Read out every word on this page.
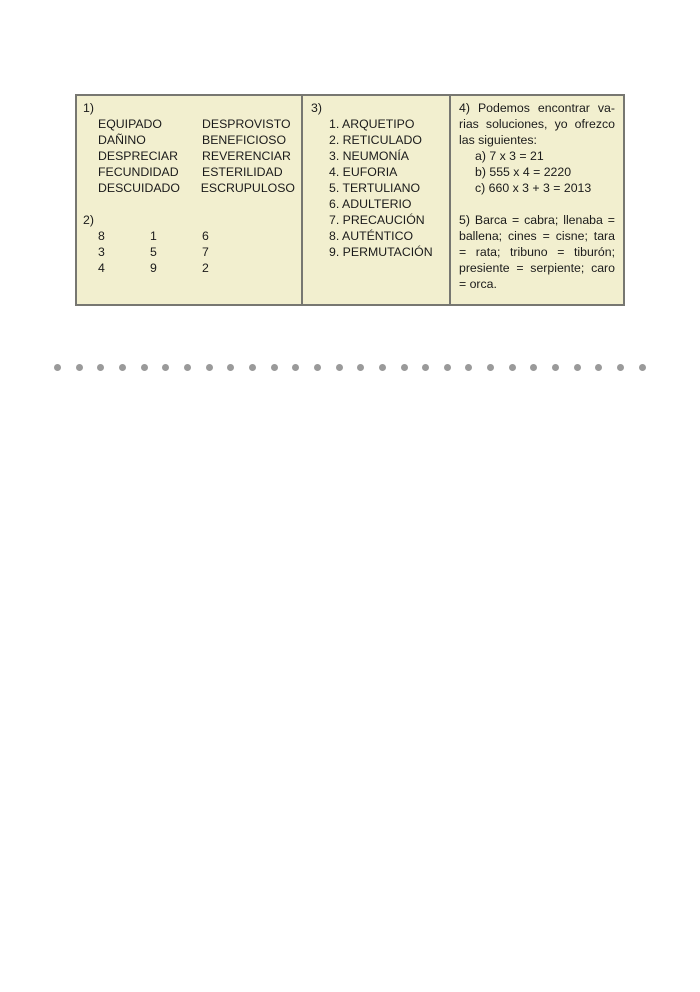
1)
EQUIPADO	DESPROVISTO
DAÑINO	BENEFICIOSO
DESPRECIAR	REVERENCIAR
FECUNDIDAD	ESTERILIDAD
DESCUIDADO	ESCRUPULOSO
2)
8	1	6
3	5	7
4	9	2
3)
1. ARQUETIPO
2. RETICULADO
3. NEUMONÍA
4. EUFORIA
5. TERTULIANO
6. ADULTERIO
7. PRECAUCIÓN
8. AUTÉNTICO
9. PERMUTACIÓN
4) Podemos encontrar va-rias soluciones, yo ofrezco las siguientes:
a) 7 x 3 = 21
b) 555 x 4 = 2220
c) 660 x 3 + 3 = 2013
5) Barca = cabra; llenaba = ballena; cines = cisne; tara = rata; tribuno = tiburón; presiente = serpiente; caro = orca.
